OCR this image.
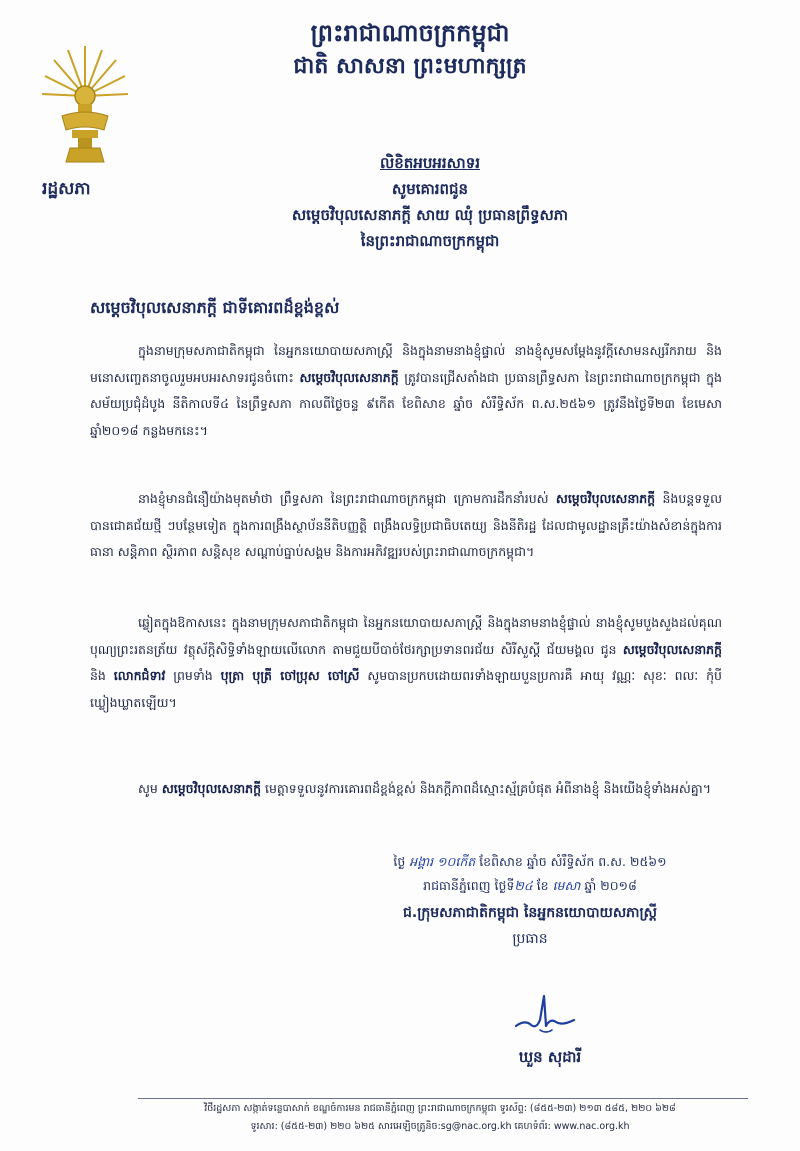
រដ្ឋសភា
ព្រះរាជាណាចក្រកម្ពុជា
ជាតិ សាសនា ព្រះមហាក្សត្រ
លិខិតអបអរសាទរ
សូមគោរពជូន
សម្តេចវិបុលសេនាភក្តី សាយ ឈុំ ប្រធានព្រឹទ្ធសភា
នៃព្រះរាជាណាចក្រកម្ពុជា
សម្តេចវិបុលសេនាភក្តី ជាទីគោរពដ៏ខ្ពង់ខ្ពស់
ក្នុងនាមក្រុមសភាជាតិកម្ពុជា នៃអ្នកនយោបាយសភាស្ត្រី និងក្នុងនាមនាងខ្ញុំផ្ទាល់ នាងខ្ញុំសូមសម្តែងនូវក្តីសោមនស្សរីករាយ និងមនោសញ្ចេតនាចូលរួមអបអរសាទរជូនចំពោះ សម្តេចវិបុលសេនាភក្តី ត្រូវបានជ្រើសតាំងជា ប្រធានព្រឹទ្ធសភា នៃព្រះរាជាណាចក្រកម្ពុជា ក្នុងសម័យប្រជុំដំបូង នីតិកាលទី៤ នៃព្រឹទ្ធសភា កាលពីថ្ងៃចន្ទ ៩កើត ខែពិសាខ ឆ្នាំច សំរឹទ្ធិស័ក ព.ស.២៥៦១ ត្រូវនឹងថ្ងៃទី២៣ ខែមេសា ឆ្នាំ២០១៨ កន្លងមកនេះ។
នាងខ្ញុំមានជំនឿយ៉ាងមុតមាំថា ព្រឹទ្ធសភា នៃព្រះរាជាណាចក្រកម្ពុជា ក្រោមការដឹកនាំរបស់ សម្តេចវិបុលសេនាភក្តី និងបន្តទទួលបានជោគជ័យថ្មី ៗបន្ថែមទៀត ក្នុងការពង្រឹងស្ថាប័ននីតិបញ្ញត្តិ ពង្រឹងលទ្ធិប្រជាធិបតេយ្យ និងនីតិរដ្ឋ ដែលជាមូលដ្ឋានគ្រឹះយ៉ាងសំខាន់ក្នុងការធានា សន្តិភាព ស្ថិរភាព សន្តិសុខ សណ្តាប់ធ្នាប់សង្គម និងការអភិវឌ្ឍរបស់ព្រះរាជាណាចក្រកម្ពុជា។
ឆ្លៀតក្នុងឱកាសនេះ ក្នុងនាមក្រុមសភាជាតិកម្ពុជា នៃអ្នកនយោបាយសភាស្ត្រី និងក្នុងនាមនាងខ្ញុំផ្ទាល់ នាងខ្ញុំសូមបួងសួងដល់គុណបុណ្យព្រះរតនត្រ័យ វត្ថុស័ក្តិសិទ្ធិទាំងឡាយលើលោក តាមជួយបីបាច់ថែរក្សាប្រទានពរជ័យ សិរីសួស្តី ជ័យមង្គល ជូន សម្តេចវិបុលសេនាភក្តី និង លោកជំទាវ ព្រមទាំង បុត្រា បុត្រី ចៅប្រុស ចៅស្រី សូមបានប្រកបដោយពរទាំងឡាយបួនប្រការគឺ អាយុ វណ្ណៈ សុខៈ ពលៈ កុំបីឃ្លៀងឃ្លាតឡើយ។
សូម សម្តេចវិបុលសេនាភក្តី មេត្តាទទួលនូវការគោរពដ៏ខ្ពង់ខ្ពស់ និងភក្តីភាពដ៏ស្មោះស្ម័គ្របំផុត អំពីនាងខ្ញុំ និងយើងខ្ញុំទាំងអស់គ្នា។
ថ្ងៃ អង្គារ ១០កើត ខែពិសាខ ឆ្នាំច សំរឹទ្ធិស័ក ព.ស. ២៥៦១
រាជធានីភ្នំពេញ ថ្ងៃទី២៤ ខែ មេសា ឆ្នាំ ២០១៨
ជ.ក្រុមសភាជាតិកម្ពុជា នៃអ្នកនយោបាយសភាស្ត្រី
ប្រធាន
ឃួន សុដារី
វិថីរដ្ឋសភា សង្កាត់ទន្លេបាសាក់ ខណ្ឌចំការមន រាជធានីភ្នំពេញ ព្រះរាជាណាចក្រកម្ពុជា ទូរស័ព្ទ: (៨៥៥-២៣) ២១៣ ៥៨៥, ២២០ ៦២៨
ទូរសារ: (៨៥៥-២៣) ២២០ ៦២៥ សារអេឡិចត្រូនិច:sg@nac.org.kh គេហទំព័រ: www.nac.org.kh
